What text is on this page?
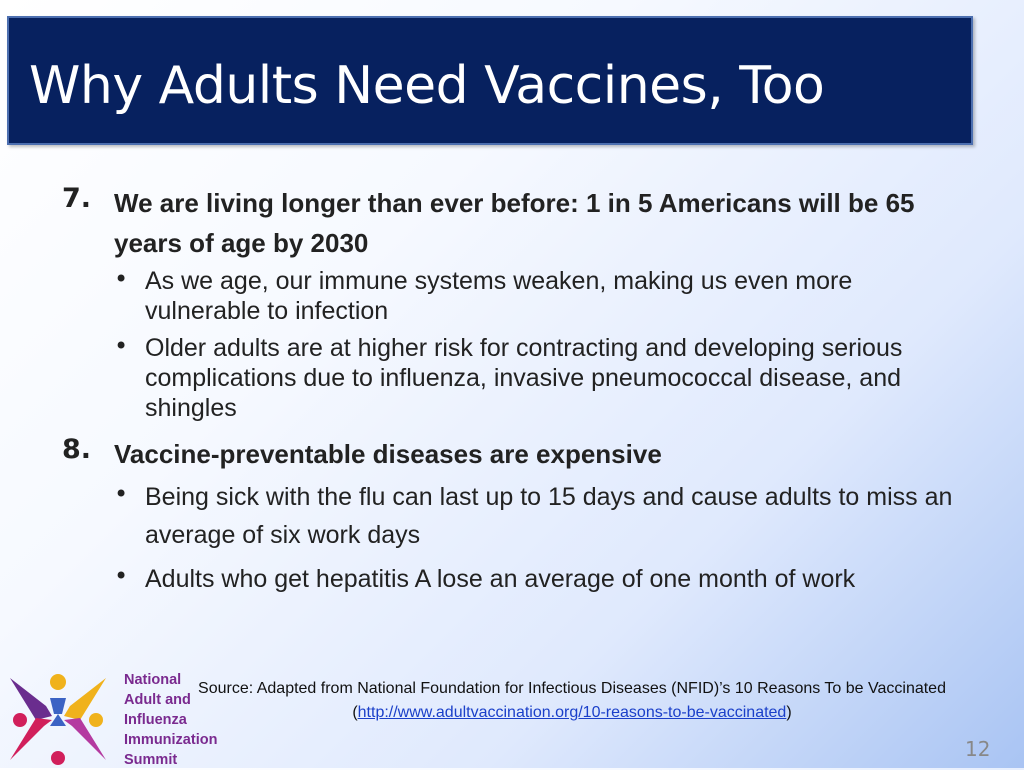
Why Adults Need Vaccines, Too
7. We are living longer than ever before: 1 in 5 Americans will be 65 years of age by 2030
• As we age, our immune systems weaken, making us even more vulnerable to infection
• Older adults are at higher risk for contracting and developing serious complications due to influenza, invasive pneumococcal disease, and shingles
8. Vaccine-preventable diseases are expensive
• Being sick with the flu can last up to 15 days and cause adults to miss an average of six work days
• Adults who get hepatitis A lose an average of one month of work
National
Adult and
Influenza
Immunization
Summit
Source: Adapted from National Foundation for Infectious Diseases (NFID)’s 10 Reasons To be Vaccinated (http://www.adultvaccination.org/10-reasons-to-be-vaccinated)
12
